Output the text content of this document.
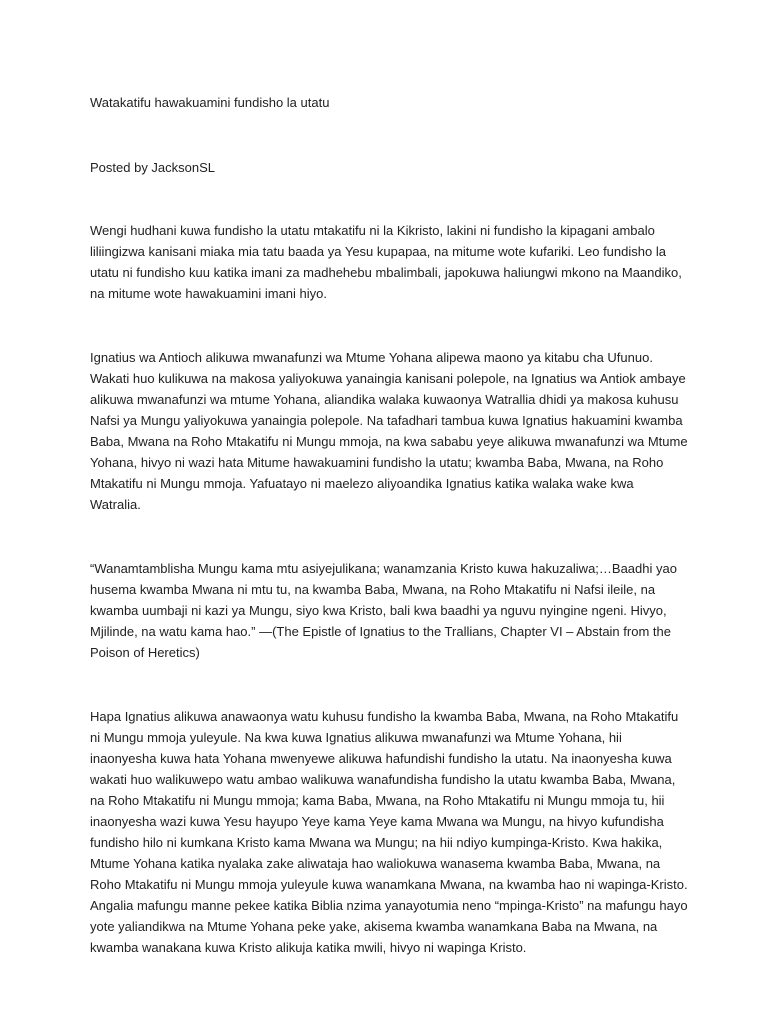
Watakatifu hawakuamini fundisho la utatu

Posted by JacksonSL

Wengi hudhani kuwa fundisho la utatu mtakatifu ni la Kikristo, lakini ni fundisho la kipagani ambalo liliingizwa kanisani miaka mia tatu baada ya Yesu kupapaa, na mitume wote kufariki. Leo fundisho la utatu ni fundisho kuu katika imani za madhehebu mbalimbali, japokuwa haliungwi mkono na Maandiko, na mitume wote hawakuamini imani hiyo.

Ignatius wa Antioch alikuwa mwanafunzi wa Mtume Yohana alipewa maono ya kitabu cha Ufunuo. Wakati huo kulikuwa na makosa yaliyokuwa yanaingia kanisani polepole, na Ignatius wa Antiok ambaye alikuwa mwanafunzi wa mtume Yohana, aliandika walaka kuwaonya Watrallia dhidi ya makosa kuhusu Nafsi ya Mungu yaliyokuwa yanaingia polepole. Na tafadhari tambua kuwa Ignatius hakuamini kwamba Baba, Mwana na Roho Mtakatifu ni Mungu mmoja, na kwa sababu yeye alikuwa mwanafunzi wa Mtume Yohana, hivyo ni wazi hata Mitume hawakuamini fundisho la utatu; kwamba Baba, Mwana, na Roho Mtakatifu ni Mungu mmoja. Yafuatayo ni maelezo aliyoandika Ignatius katika walaka wake kwa Watralia.

“Wanamtamblisha Mungu kama mtu asiyejulikana; wanamzania Kristo kuwa hakuzaliwa;…Baadhi yao husema kwamba Mwana ni mtu tu, na kwamba Baba, Mwana, na Roho Mtakatifu ni Nafsi ileile, na kwamba uumbaji ni kazi ya Mungu, siyo kwa Kristo, bali kwa baadhi ya nguvu nyingine ngeni. Hivyo, Mjilinde, na watu kama hao.” —(The Epistle of Ignatius to the Trallians, Chapter VI – Abstain from the Poison of Heretics)

Hapa Ignatius alikuwa anawaonya watu kuhusu fundisho la kwamba Baba, Mwana, na Roho Mtakatifu ni Mungu mmoja yuleyule. Na kwa kuwa Ignatius alikuwa mwanafunzi wa Mtume Yohana, hii inaonyesha kuwa hata Yohana mwenyewe alikuwa hafundishi fundisho la utatu. Na inaonyesha kuwa wakati huo walikuwepo watu ambao walikuwa wanafundisha fundisho la utatu kwamba Baba, Mwana, na Roho Mtakatifu ni Mungu mmoja; kama Baba, Mwana, na Roho Mtakatifu ni Mungu mmoja tu, hii inaonyesha wazi kuwa Yesu hayupo Yeye kama Yeye kama Mwana wa Mungu, na hivyo kufundisha fundisho hilo ni kumkana Kristo kama Mwana wa Mungu; na hii ndiyo kumpinga-Kristo. Kwa hakika, Mtume Yohana katika nyalaka zake aliwataja hao waliokuwa wanasema kwamba Baba, Mwana, na Roho Mtakatifu ni Mungu mmoja yuleyule kuwa wanamkana Mwana, na kwamba hao ni wapinga-Kristo. Angalia mafungu manne pekee katika Biblia nzima yanayotumia neno “mpinga-Kristo” na mafungu hayo yote yaliandikwa na Mtume Yohana peke yake, akisema kwamba wanamkana Baba na Mwana, na kwamba wanakana kuwa Kristo alikuja katika mwili, hivyo ni wapinga Kristo.
